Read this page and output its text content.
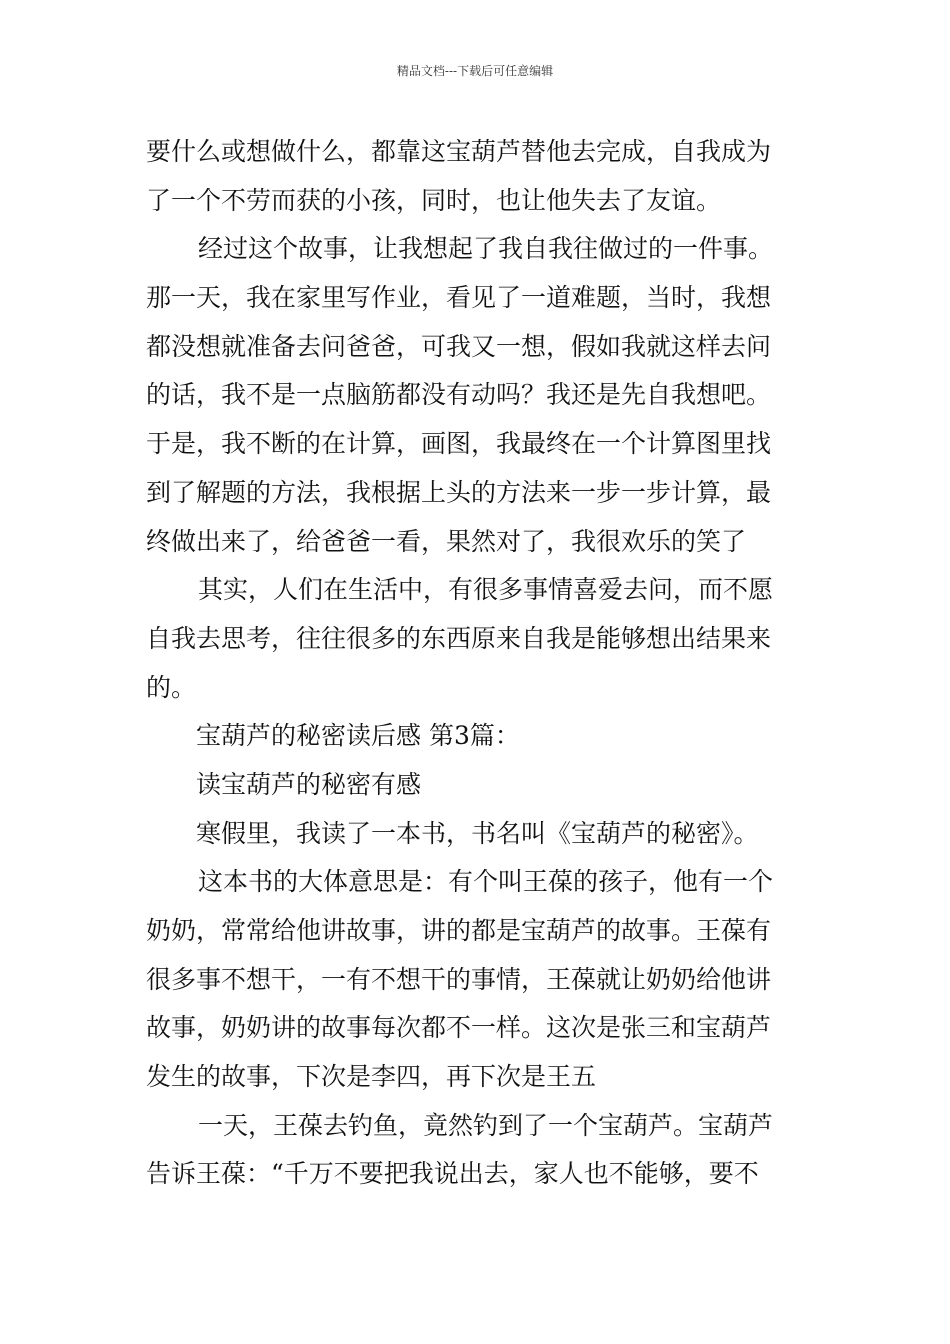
精品文档---下载后可任意编辑
要什么或想做什么，都靠这宝葫芦替他去完成，自我成为
了一个不劳而获的小孩，同时，也让他失去了友谊。
经过这个故事，让我想起了我自我往做过的一件事。
那一天，我在家里写作业，看见了一道难题，当时，我想
都没想就准备去问爸爸，可我又一想，假如我就这样去问
的话，我不是一点脑筋都没有动吗？我还是先自我想吧。
于是，我不断的在计算，画图，我最终在一个计算图里找
到了解题的方法，我根据上头的方法来一步一步计算，最
终做出来了，给爸爸一看，果然对了，我很欢乐的笑了
其实，人们在生活中，有很多事情喜爱去问，而不愿
自我去思考，往往很多的东西原来自我是能够想出结果来
的。
宝葫芦的秘密读后感 第3篇：
读宝葫芦的秘密有感
寒假里，我读了一本书，书名叫《宝葫芦的秘密》。
这本书的大体意思是：有个叫王葆的孩子，他有一个
奶奶，常常给他讲故事，讲的都是宝葫芦的故事。王葆有
很多事不想干，一有不想干的事情，王葆就让奶奶给他讲
故事，奶奶讲的故事每次都不一样。这次是张三和宝葫芦
发生的故事，下次是李四，再下次是王五
一天，王葆去钓鱼，竟然钓到了一个宝葫芦。宝葫芦
告诉王葆：“千万不要把我说出去，家人也不能够，要不
